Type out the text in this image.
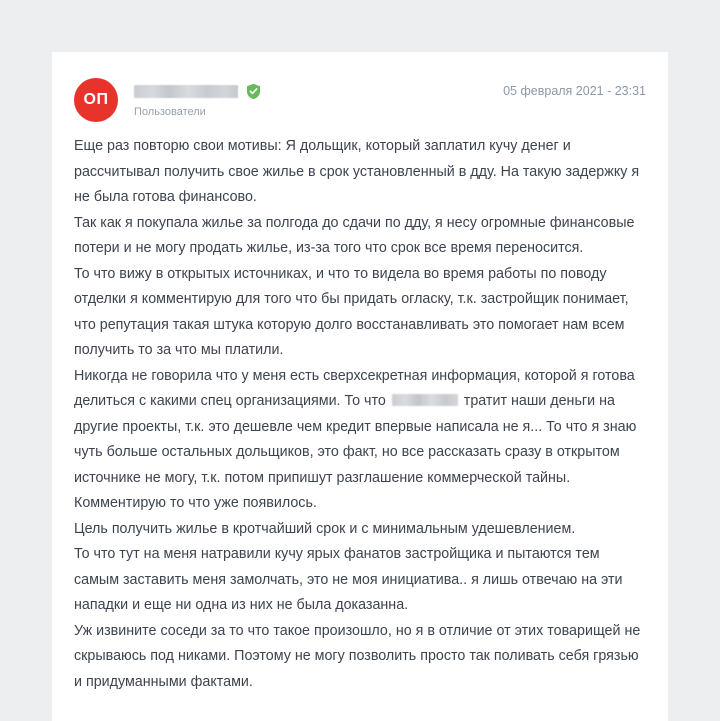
ОП
Пользователи
05 февраля 2021 - 23:31

Еще раз повторю свои мотивы: Я дольщик, который заплатил кучу денег и рассчитывал получить свое жилье в срок установленный в дду. На такую задержку я не была готова финансово.

Так как я покупала жилье за полгода до сдачи по дду, я несу огромные финансовые потери и не могу продать жилье, из-за того что срок все время переносится.

То что вижу в открытых источниках, и что то видела во время работы по поводу отделки я комментирую для того что бы придать огласку, т.к. застройщик понимает, что репутация такая штука которую долго восстанавливать это помогает нам всем получить то за что мы платили.

Никогда не говорила что у меня есть сверхсекретная информация, которой я готова делиться с какими спец организациями. То что	тратит наши деньги на другие проекты, т.к. это дешевле чем кредит впервые написала не я... То что я знаю чуть больше остальных дольщиков, это факт, но все рассказать сразу в открытом источнике не могу, т.к. потом припишут разглашение коммерческой тайны. Комментирую то что уже появилось.

Цель получить жилье в кротчайший срок и с минимальным удешевлением.

То что тут на меня натравили кучу ярых фанатов застройщика и пытаются тем самым заставить меня замолчать, это не моя инициатива.. я лишь отвечаю на эти нападки и еще ни одна из них не была доказанна.

Уж извините соседи за то что такое произошло, но я в отличие от этих товарищей не скрываюсь под никами. Поэтому не могу позволить просто так поливать себя грязью и придуманными фактами.
